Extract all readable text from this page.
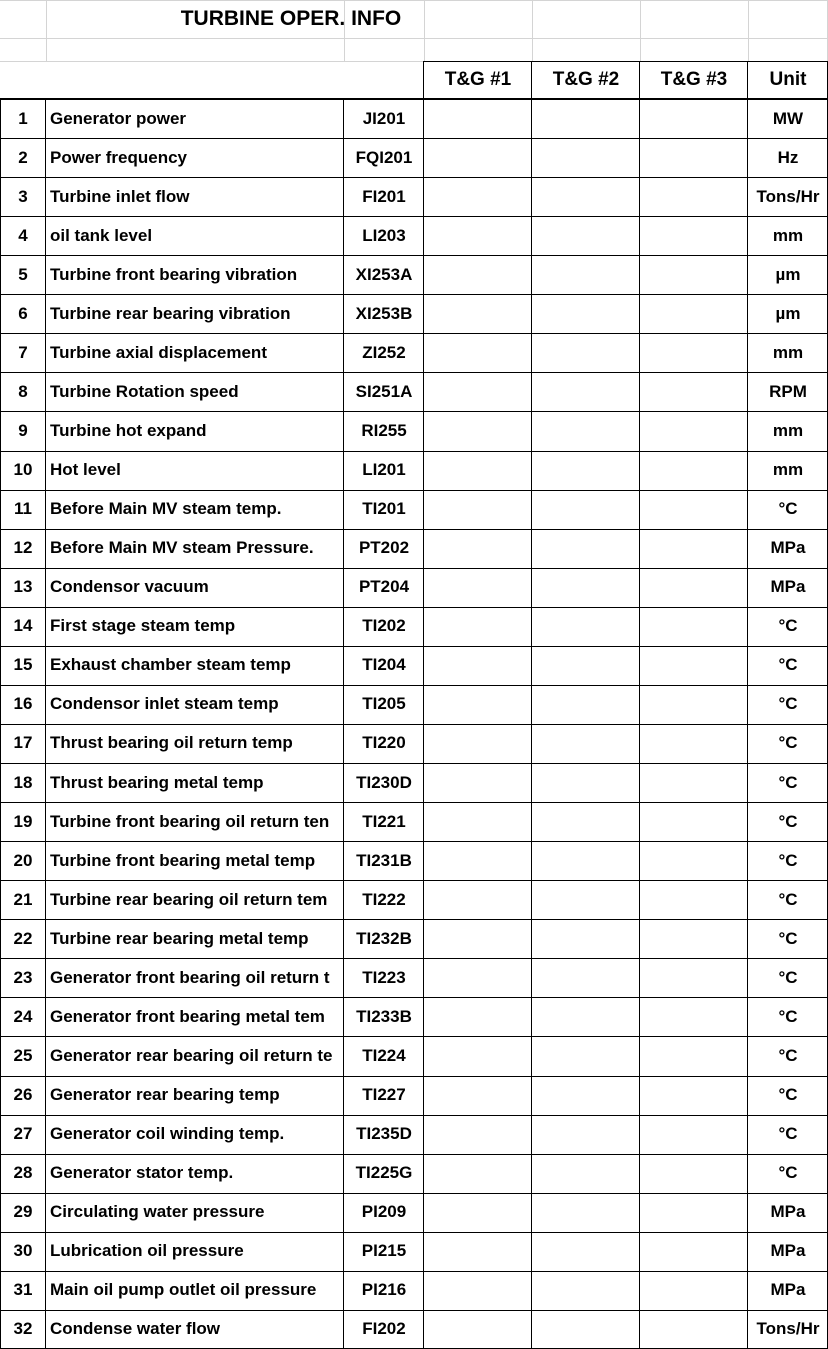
TURBINE OPER. INFO
T&G #1	T&G #2	T&G #3	Unit
1	Generator power	JI201	MW
2	Power frequency	FQI201	Hz
3	Turbine inlet flow	FI201	Tons/Hr
4	oil tank level	LI203	mm
5	Turbine front bearing vibration	XI253A	µm
6	Turbine rear bearing vibration	XI253B	µm
7	Turbine axial displacement	ZI252	mm
8	Turbine Rotation speed	SI251A	RPM
9	Turbine hot expand	RI255	mm
10	Hot level	LI201	mm
11	Before Main MV steam temp.	TI201	°C
12	Before Main MV steam Pressure.	PT202	MPa
13	Condensor vacuum	PT204	MPa
14	First stage steam temp	TI202	°C
15	Exhaust chamber steam temp	TI204	°C
16	Condensor inlet steam temp	TI205	°C
17	Thrust bearing oil return temp	TI220	°C
18	Thrust bearing metal temp	TI230D	°C
19	Turbine front bearing oil return ten	TI221	°C
20	Turbine front bearing metal temp	TI231B	°C
21	Turbine rear bearing oil return tem	TI222	°C
22	Turbine rear bearing metal temp	TI232B	°C
23	Generator front bearing oil return t	TI223	°C
24	Generator front bearing metal tem	TI233B	°C
25	Generator rear bearing oil return te	TI224	°C
26	Generator rear bearing temp	TI227	°C
27	Generator coil winding temp.	TI235D	°C
28	Generator stator temp.	TI225G	°C
29	Circulating water pressure	PI209	MPa
30	Lubrication oil pressure	PI215	MPa
31	Main oil pump outlet oil pressure	PI216	MPa
32	Condense water flow	FI202	Tons/Hr
